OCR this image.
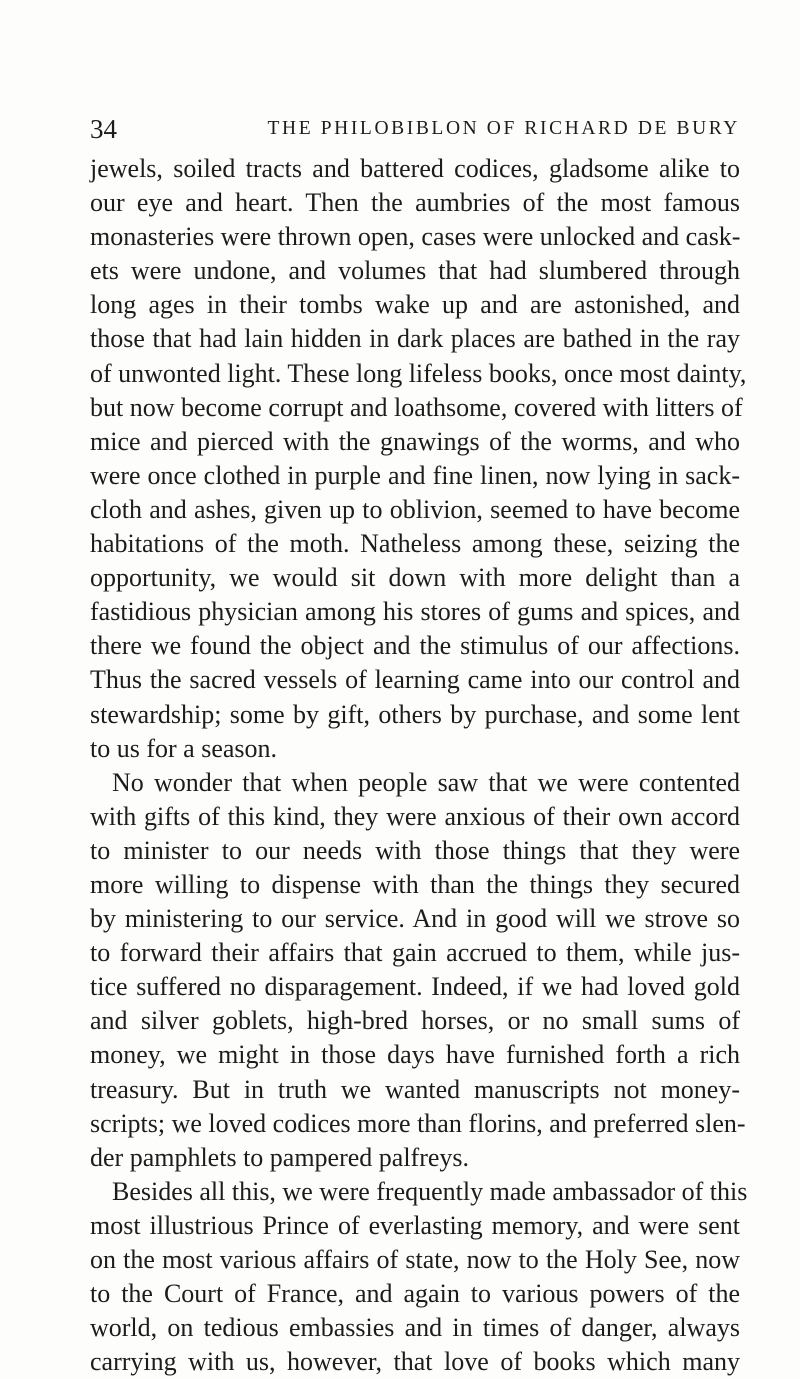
34	THE PHILOBIBLON OF RICHARD DE BURY
jewels, soiled tracts and battered codices, gladsome alike to
our eye and heart. Then the aumbries of the most famous
monasteries were thrown open, cases were unlocked and cask-
ets were undone, and volumes that had slumbered through
long ages in their tombs wake up and are astonished, and
those that had lain hidden in dark places are bathed in the ray
of unwonted light. These long lifeless books, once most dainty,
but now become corrupt and loathsome, covered with litters of
mice and pierced with the gnawings of the worms, and who
were once clothed in purple and fine linen, now lying in sack-
cloth and ashes, given up to oblivion, seemed to have become
habitations of the moth. Natheless among these, seizing the
opportunity, we would sit down with more delight than a
fastidious physician among his stores of gums and spices, and
there we found the object and the stimulus of our affections.
Thus the sacred vessels of learning came into our control and
stewardship; some by gift, others by purchase, and some lent
to us for a season.
No wonder that when people saw that we were contented
with gifts of this kind, they were anxious of their own accord
to minister to our needs with those things that they were
more willing to dispense with than the things they secured
by ministering to our service. And in good will we strove so
to forward their affairs that gain accrued to them, while jus-
tice suffered no disparagement. Indeed, if we had loved gold
and silver goblets, high-bred horses, or no small sums of
money, we might in those days have furnished forth a rich
treasury. But in truth we wanted manuscripts not money-
scripts; we loved codices more than florins, and preferred slen-
der pamphlets to pampered palfreys.
Besides all this, we were frequently made ambassador of this
most illustrious Prince of everlasting memory, and were sent
on the most various affairs of state, now to the Holy See, now
to the Court of France, and again to various powers of the
world, on tedious embassies and in times of danger, always
carrying with us, however, that love of books which many
